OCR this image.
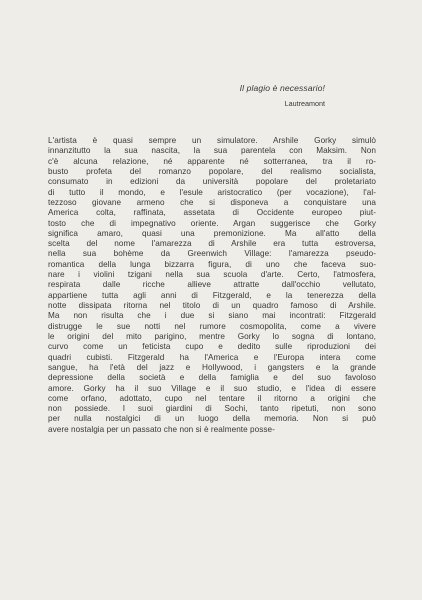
Il plagio è necessario!
Lautreamont
L'artista è quasi sempre un simulatore. Arshile Gorky simulò
innanzitutto la sua nascita, la sua parentela con Maksim. Non
c'è alcuna relazione, né apparente né sotterranea, tra il ro-
busto profeta del romanzo popolare, del realismo socialista,
consumato in edizioni da università popolare del proletariato
di tutto il mondo, e l'esule aristocratico (per vocazione), l'al-
tezzoso giovane armeno che si disponeva a conquistare una
America colta, raffinata, assetata di Occidente europeo piut-
tosto che di impegnativo oriente. Argan suggerisce che Gorky
significa amaro, quasi una premonizione. Ma all'atto della
scelta del nome l'amarezza di Arshile era tutta estroversa,
nella sua bohème da Greenwich Village: l'amarezza pseudo-
romantica della lunga bizzarra figura, di uno che faceva suo-
nare i violini tzigani nella sua scuola d'arte. Certo, l'atmosfera,
respirata dalle ricche allieve attratte dall'occhio vellutato,
appartiene tutta agli anni di Fitzgerald, e la tenerezza della
notte dissipata ritorna nel titolo di un quadro famoso di Arshile.
Ma non risulta che i due si siano mai incontrati: Fitzgerald
distrugge le sue notti nel rumore cosmopolita, come a vivere
le origini del mito parigino, mentre Gorky lo sogna di lontano,
curvo come un feticista cupo e dedito sulle riproduzioni dei
quadri cubisti. Fitzgerald ha l'America e l'Europa intera come
sangue, ha l'età del jazz e Hollywood, i gangsters e la grande
depressione della società e della famiglia e del suo favoloso
amore. Gorky ha il suo Village e il suo studio, e l'idea di essere
come orfano, adottato, cupo nel tentare il ritorno a origini che
non possiede. I suoi giardini di Sochi, tanto ripetuti, non sono
per nulla nostalgici di un luogo della memoria. Non si può
avere nostalgia per un passato che non si è realmente posse-
